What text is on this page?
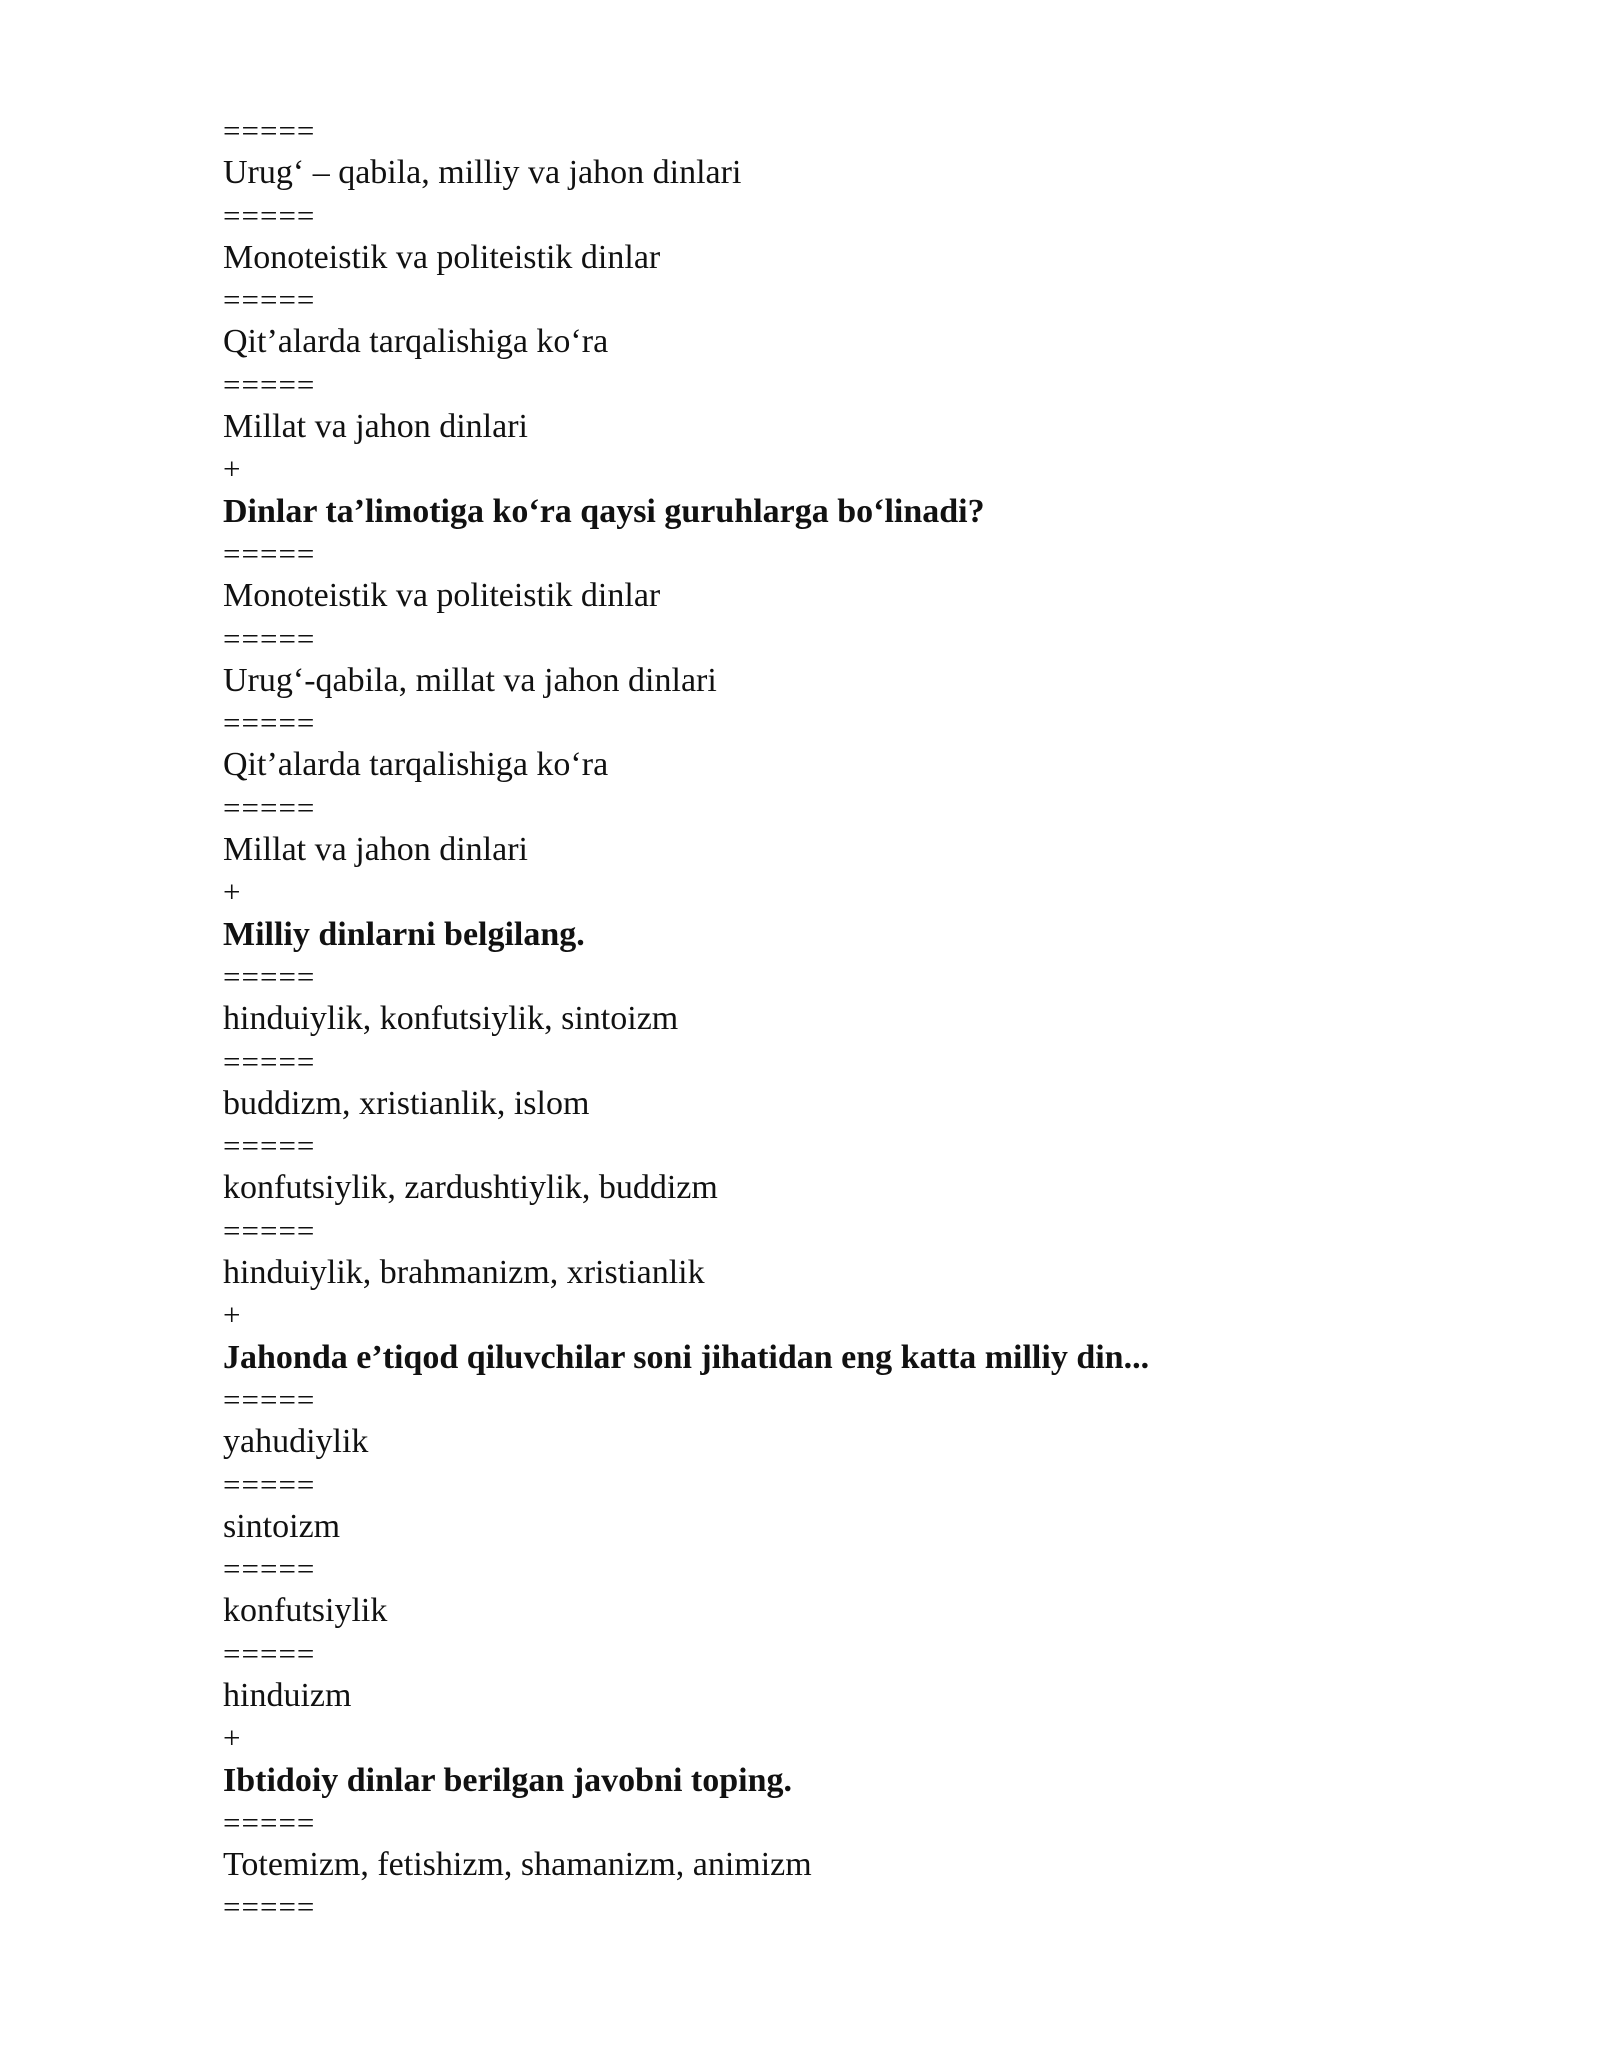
=====
Urug‘ – qabila, milliy va jahon dinlari
=====
Monoteistik va politeistik dinlar
=====
Qit’alarda tarqalishiga ko‘ra
=====
Millat va jahon dinlari
+
Dinlar ta’limotiga ko‘ra qaysi guruhlarga bo‘linadi?
=====
Monoteistik va politeistik dinlar
=====
Urug‘-qabila, millat va jahon dinlari
=====
Qit’alarda tarqalishiga ko‘ra
=====
Millat va jahon dinlari
+
Milliy dinlarni belgilang.
=====
hinduiylik, konfutsiylik, sintoizm
=====
buddizm, xristianlik, islom
=====
konfutsiylik, zardushtiylik, buddizm
=====
hinduiylik, brahmanizm, xristianlik
+
Jahonda e’tiqod qiluvchilar soni jihatidan eng katta milliy din...
=====
yahudiylik
=====
sintoizm
=====
konfutsiylik
=====
hinduizm
+
Ibtidoiy dinlar berilgan javobni toping.
=====
Totemizm, fetishizm, shamanizm, animizm
=====
